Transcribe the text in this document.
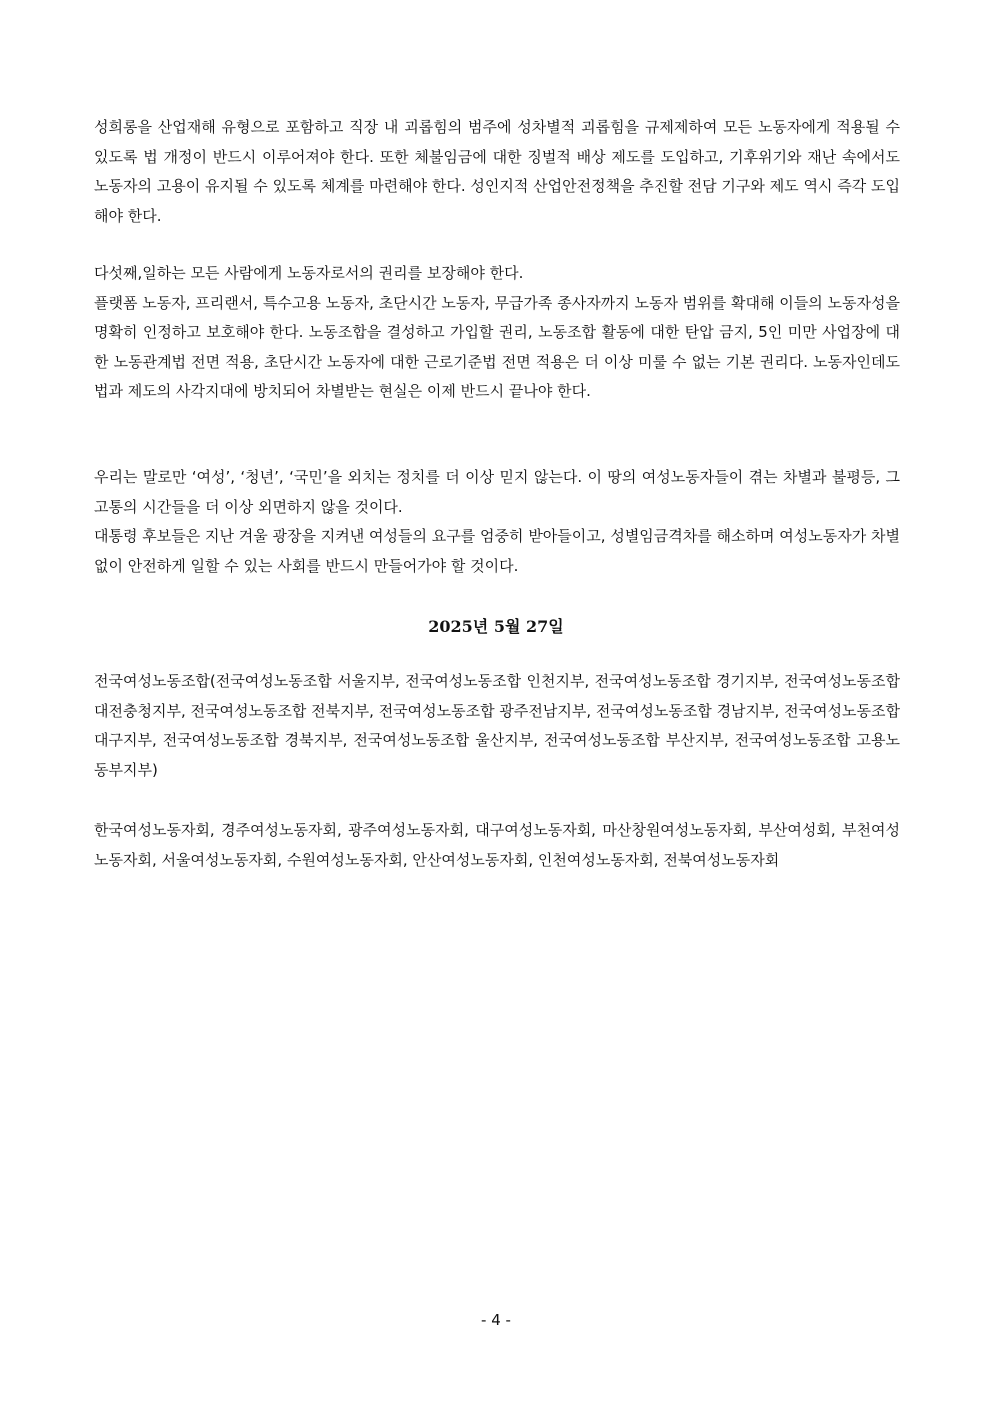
성희롱을 산업재해 유형으로 포함하고 직장 내 괴롭힘의 범주에 성차별적 괴롭힘을 규제제하여 모든 노동자에게 적용될 수 있도록 법 개정이 반드시 이루어져야 한다. 또한 체불임금에 대한 징벌적 배상 제도를 도입하고, 기후위기와 재난 속에서도 노동자의 고용이 유지될 수 있도록 체계를 마련해야 한다. 성인지적 산업안전정책을 추진할 전담 기구와 제도 역시 즉각 도입해야 한다.

다섯째,일하는 모든 사람에게 노동자로서의 권리를 보장해야 한다.

플랫폼 노동자, 프리랜서, 특수고용 노동자, 초단시간 노동자, 무급가족 종사자까지 노동자 범위를 확대해 이들의 노동자성을 명확히 인정하고 보호해야 한다. 노동조합을 결성하고 가입할 권리, 노동조합 활동에 대한 탄압 금지, 5인 미만 사업장에 대한 노동관계법 전면 적용, 초단시간 노동자에 대한 근로기준법 전면 적용은 더 이상 미룰 수 없는 기본 권리다. 노동자인데도 법과 제도의 사각지대에 방치되어 차별받는 현실은 이제 반드시 끝나야 한다.

우리는 말로만 ‘여성’, ‘청년’, ‘국민’을 외치는 정치를 더 이상 믿지 않는다. 이 땅의 여성노동자들이 겪는 차별과 불평등, 그 고통의 시간들을 더 이상 외면하지 않을 것이다.

대통령 후보들은 지난 겨울 광장을 지켜낸 여성들의 요구를 엄중히 받아들이고, 성별임금격차를 해소하며 여성노동자가 차별 없이 안전하게 일할 수 있는 사회를 반드시 만들어가야 할 것이다.

2025년 5월 27일

전국여성노동조합(전국여성노동조합 서울지부, 전국여성노동조합 인천지부, 전국여성노동조합 경기지부, 전국여성노동조합 대전충청지부, 전국여성노동조합 전북지부, 전국여성노동조합 광주전남지부, 전국여성노동조합 경남지부, 전국여성노동조합 대구지부, 전국여성노동조합 경북지부, 전국여성노동조합 울산지부, 전국여성노동조합 부산지부, 전국여성노동조합 고용노동부지부)

한국여성노동자회, 경주여성노동자회, 광주여성노동자회, 대구여성노동자회, 마산창원여성노동자회, 부산여성회, 부천여성노동자회, 서울여성노동자회, 수원여성노동자회, 안산여성노동자회, 인천여성노동자회, 전북여성노동자회

- 4 -
